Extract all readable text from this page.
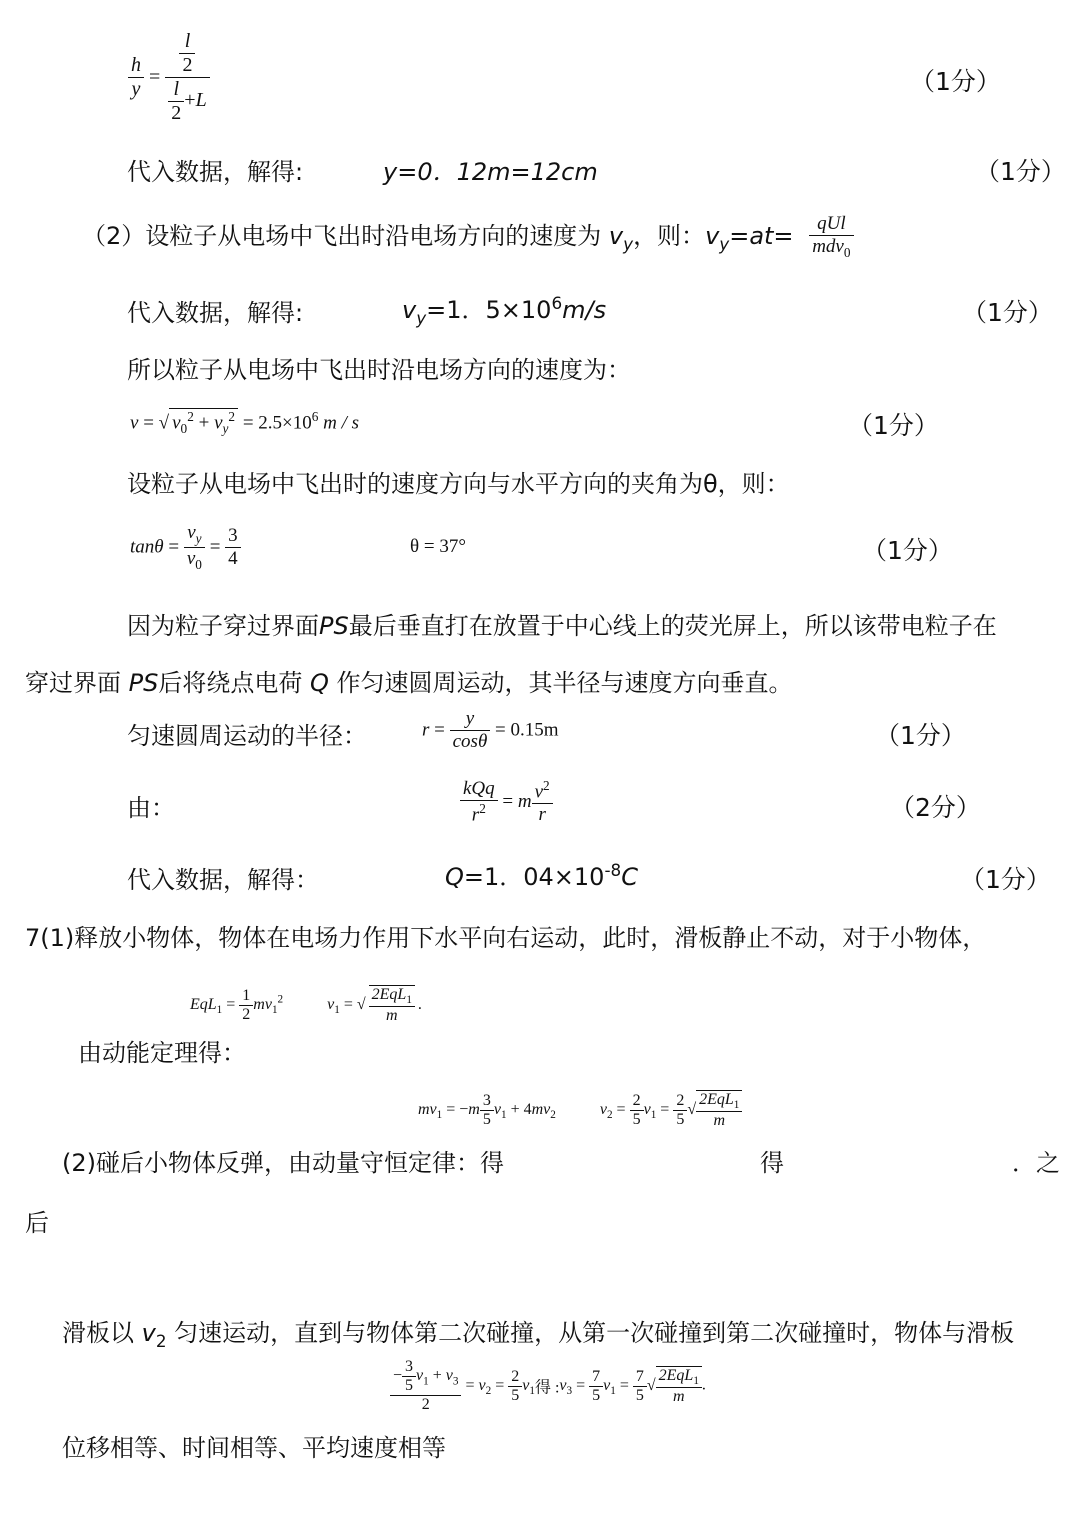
$\frac{h}{y} = \frac{\frac{l}{2}}{\frac{l}{2} +L}$	（1分）
代入数据，解得:	y=0．12m=12cm	（1分）
（2）设粒子从电场中飞出时沿电场方向的速度为 $v_y$，则：$v_y=at= \frac{\text{qUl}}{mdv_0}$
代入数据，解得:	$v_y=1$．$5\times 10^6m/s$	（1分）
所以粒子从电场中飞出时沿电场方向的速度为：
v = √ $v_0^2 + v_y^2 = 2.5\times 10^6$ m / s	（1分）
设粒子从电场中飞出时的速度方向与水平方向的夹角为θ，则：
$\tan\theta = \frac{v_y}{v_0} = \frac{3}{4}$	θ = 37°	（1分）
因为粒子穿过界面PS最后垂直打在放置于中心线上的荧光屏上，所以该带电粒子在
穿过界面 PS后将绕点电荷 Q 作匀速圆周运动，其半径与速度方向垂直。
匀速圆周运动的半径：	$r = \frac{y}{\cos\theta} = 0.15m$	（1分）
由：	$\frac{\text{kQq}}{r^2} = m \frac{v^2}{r}$	（2分）
代入数据，解得：	Q=1．$04\times 10^{-8}C$	（1分）
7(1)释放小物体，物体在电场力作用下水平向右运动，此时，滑板静止不动，对于小物体，
$EqL_1 = \frac{1}{2} mv_1^2$	$v_1$ = √ $\frac{2EqL_1}{m}$ .
由动能定理得：
$mv_1 = -m \frac{3}{5} v_1 + 4mv_2$	$v_2 = \frac{2}{5} v_1 = \frac{2}{5}$ √ $\frac{2EqL_1}{m}$
(2)碰后小物体反弹，由动量守恒定律：得	得	．之
后
滑板以 $v_2$ 匀速运动，直到与物体第二次碰撞，从第一次碰撞到第二次碰撞时，物体与滑板
$\frac{- \frac{3}{5} v_1 + v_3}{2} = v_2 = \frac{2}{5} v_1$得 $:v_3 = \frac{7}{5} v_1 = \frac{7}{5}$ √ $\frac{2EqL_1}{m}$ .
位移相等、时间相等、平均速度相等
